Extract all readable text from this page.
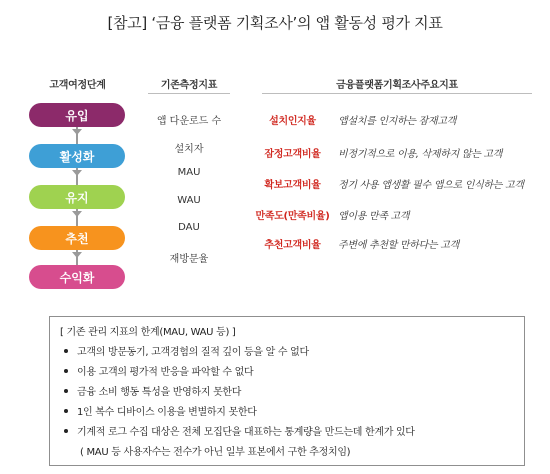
[참고] ‘금융 플랫폼 기획조사’의 앱 활동성 평가 지표
고객여정단계	기존측정지표	금융플랫폼기획조사주요지표
유입
활성화
유지
추천
수익화
앱 다운로드 수
설치자
MAU
WAU
DAU
재방문율
설치인지율	앱설치를 인지하는 잠재고객
잠정고객비율	비정기적으로 이용, 삭제하지 않는 고객
확보고객비율	정기 사용 앱생활 필수 앱으로 인식하는 고객
만족도(만족비율) 앱이용 만족 고객
추천고객비율	주변에 추천할 만하다는 고객
[ 기존 관리 지표의 한계(MAU, WAU 등) ]
고객의 방문동기, 고객경험의 질적 깊이 등을 알 수 없다
이용 고객의 평가적 반응을 파악할 수 없다
금융 소비 행동 특성을 반영하지 못한다
1인 복수 디바이스 이용을 변별하지 못한다
기계적 로그 수집 대상은 전체 모집단을 대표하는 통계량을 만드는데 한계가 있다
( MAU 등 사용자수는 전수가 아닌 일부 표본에서 구한 추정치임)
